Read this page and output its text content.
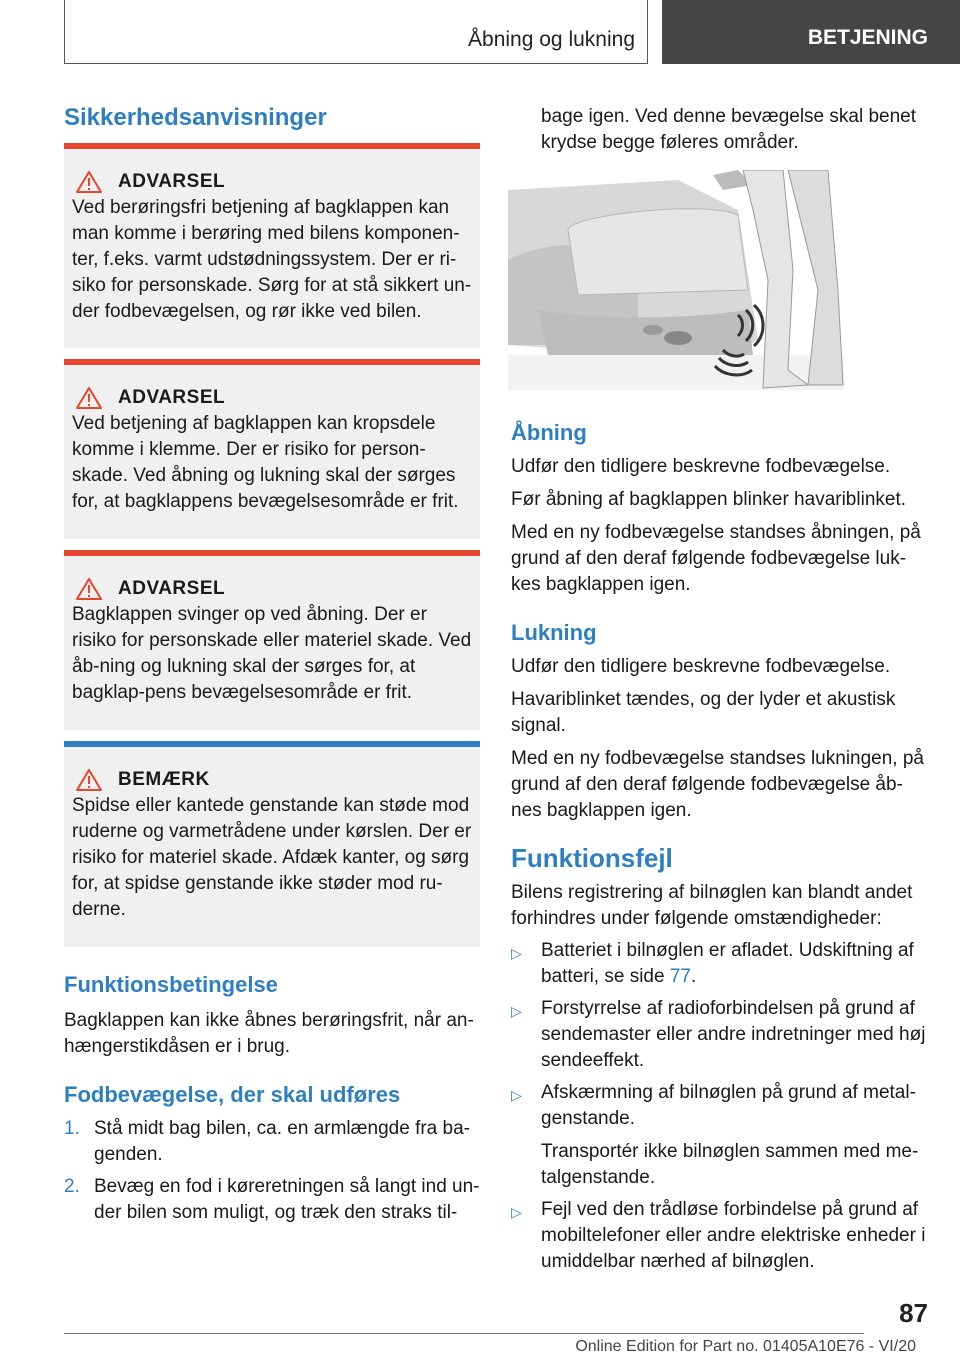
Åbning og lukning	BETJENING
Sikkerhedsanvisninger
ADVARSEL
Ved berøringsfri betjening af bagklappen kan man komme i berøring med bilens komponen-ter, f.eks. varmt udstødningssystem. Der er ri-siko for personskade. Sørg for at stå sikkert un-der fodbevægelsen, og rør ikke ved bilen.
ADVARSEL
Ved betjening af bagklappen kan kropsdele komme i klemme. Der er risiko for person-skade. Ved åbning og lukning skal der sørges for, at bagklappens bevægelsesområde er frit.
ADVARSEL
Bagklappen svinger op ved åbning. Der er risiko for personskade eller materiel skade. Ved åb-ning og lukning skal der sørges for, at bagklap-pens bevægelsesområde er frit.
BEMÆRK
Spidse eller kantede genstande kan støde mod ruderne og varmetrådene under kørslen. Der er risiko for materiel skade. Afdæk kanter, og sørg for, at spidse genstande ikke støder mod ru-derne.
Funktionsbetingelse
Bagklappen kan ikke åbnes berøringsfrit, når an-hængerstikdåsen er i brug.
Fodbevægelse, der skal udføres
1. Stå midt bag bilen, ca. en armlængde fra ba-genden.
2. Bevæg en fod i køreretningen så langt ind un-der bilen som muligt, og træk den straks til-
bage igen. Ved denne bevægelse skal benet krydse begge føleres områder.
Åbning

Udfør den tidligere beskrevne fodbevægelse.

Før åbning af bagklappen blinker havariblinket.

Med en ny fodbevægelse standses åbningen, på grund af den deraf følgende fodbevægelse luk-kes bagklappen igen.

Lukning

Udfør den tidligere beskrevne fodbevægelse.

Havariblinket tændes, og der lyder et akustisk signal.

Med en ny fodbevægelse standses lukningen, på grund af den deraf følgende fodbevægelse åb-nes bagklappen igen.

Funktionsfejl
Bilens registrering af bilnøglen kan blandt andet forhindres under følgende omstændigheder:
▷	Batteriet i bilnøglen er afladet. Udskiftning af batteri, se side 77.
▷	Forstyrrelse af radioforbindelsen på grund af sendemaster eller andre indretninger med høj sendeeffekt.
▷	Afskærmning af bilnøglen på grund af metal-genstande.
Transportér ikke bilnøglen sammen med me-talgenstande.
▷	Fejl ved den trådløse forbindelse på grund af mobiltelefoner eller andre elektriske enheder i umiddelbar nærhed af bilnøglen.
87
Online Edition for Part no. 01405A10E76 - VI/20
